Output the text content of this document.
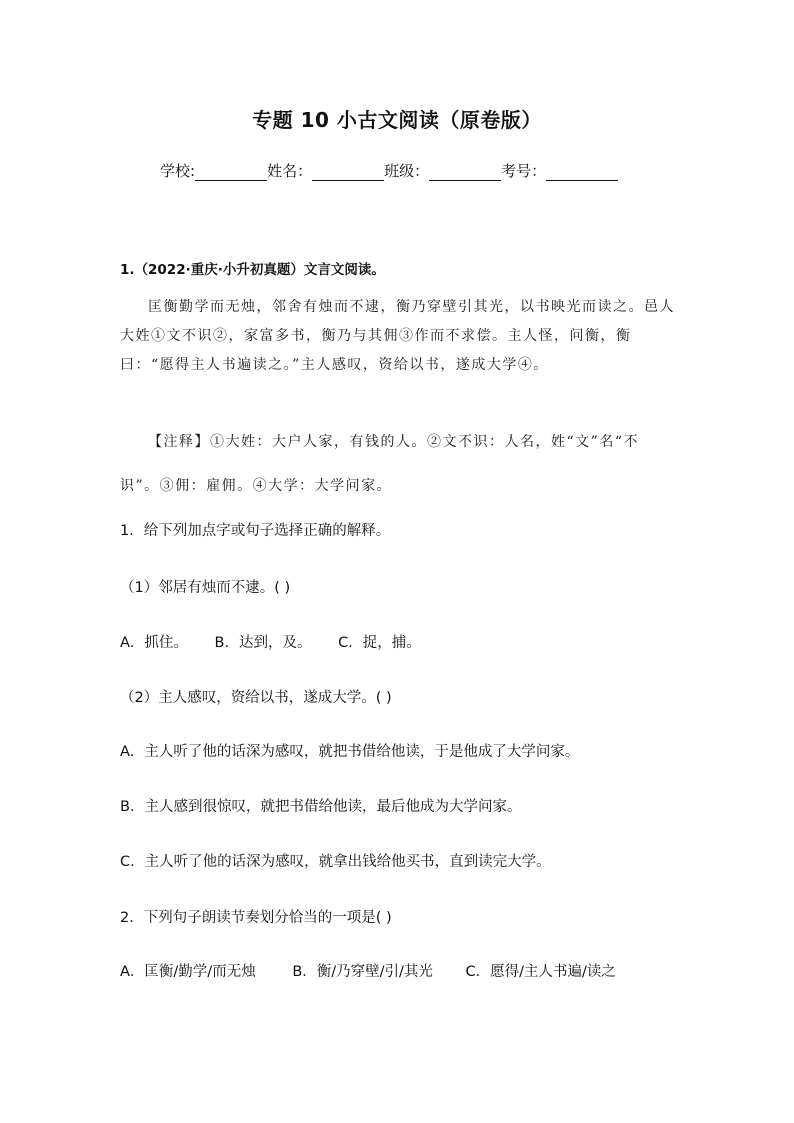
专题 10 小古文阅读（原卷版）
学校:	姓名：	班级：	考号：
1.（2022·重庆·小升初真题）文言文阅读。
匡衡勤学而无烛，邻舍有烛而不逮，衡乃穿壁引其光，以书映光而读之。邑人大姓①文不识②，家富多书，衡乃与其佣③作而不求偿。主人怪，问衡，衡曰：“愿得主人书遍读之。”主人感叹，资给以书，遂成大学④。
【注释】①大姓：大户人家，有钱的人。②文不识：人名，姓“文”名“不识”。③佣：雇佣。④大学：大学问家。
1．给下列加点字或句子选择正确的解释。
（1）邻居有烛而不逮。( )
A．抓住。 B．达到，及。 C．捉，捕。
（2）主人感叹，资给以书，遂成大学。( )
A．主人听了他的话深为感叹，就把书借给他读，于是他成了大学问家。
B．主人感到很惊叹，就把书借给他读，最后他成为大学问家。
C．主人听了他的话深为感叹，就拿出钱给他买书，直到读完大学。
2．下列句子朗读节奏划分恰当的一项是( )
A．匡衡/勤学/而无烛	B．衡/乃穿壁/引/其光 C．愿得/主人书遍/读之
